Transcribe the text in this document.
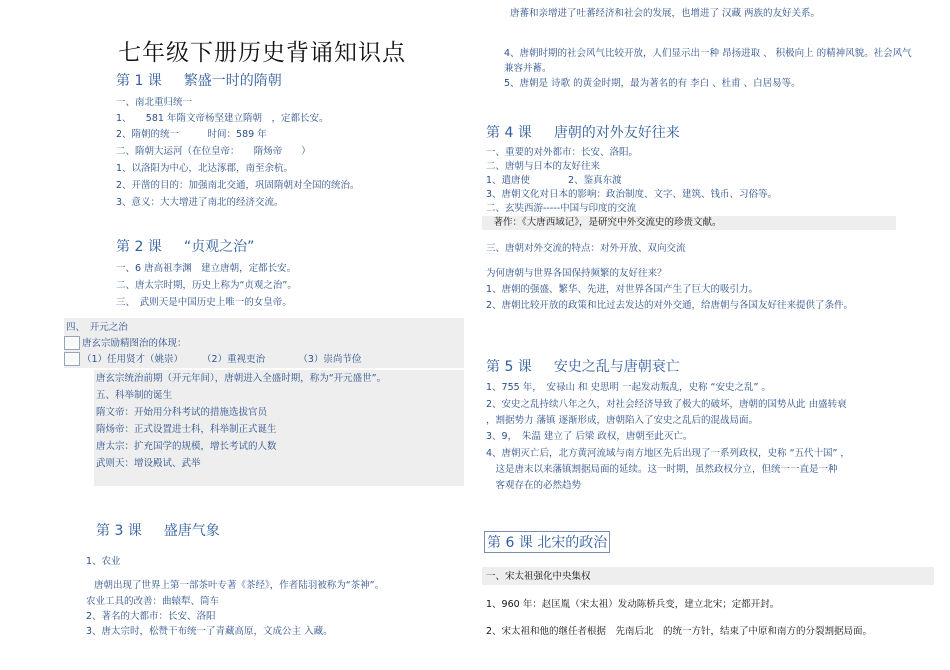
七年级下册历史背诵知识点
第 1 课 繁盛一时的隋朝
一、南北重归统一
1、　　581 年隋文帝杨坚建立隋朝　，定都长安。
2、隋朝的统一　　　时间：589 年
二、隋朝大运河（在位皇帝：　　隋炀帝　　）
1、以洛阳为中心，北达涿郡，南至余杭。
2、开凿的目的：加强南北交通，巩固隋朝对全国的统治。
3、意义：大大增进了南北的经济交流。
第 2 课 “贞观之治”
一、6 唐高祖李渊　建立唐朝，定都长安。
二、唐太宗时期，历史上称为“贞观之治”。
三、　武则天是中国历史上唯一的女皇帝。
四、　开元之治
唐玄宗励精图治的体现：
（1）任用贤才（姚崇）　　　（2）重视吏治　　　　（3）崇尚节俭
唐玄宗统治前期（开元年间），唐朝进入全盛时期，称为“开元盛世”。
五、科举制的诞生
隋文帝：开始用分科考试的措施选拔官员
隋炀帝：正式设置进士科，科举制正式诞生
唐太宗：扩充国学的规模，增长考试的人数
武则天：增设殿试、武举
第 3 课 盛唐气象
1、农业
唐朝出现了世界上第一部茶叶专著《茶经》，作者陆羽被称为“茶神”。
农业工具的改善：曲辕犁、筒车
2、著名的大都市：长安、洛阳
3、唐太宗时，松赞干布统一了青藏高原，文成公主 入藏。
唐蕃和亲增进了吐蕃经济和社会的发展，也增进了 汉藏 两族的友好关系。
4、唐朝时期的社会风气比较开放，人们显示出一种 昂扬进取 、 积极向上 的精神风貌。社会风气
兼容并蓄。
5、唐朝是 诗歌 的黄金时期，最为著名的有 李白 、杜甫 、白居易等。
第 4 课 唐朝的对外友好往来
一、重要的对外都市：长安、洛阳。
二、唐朝与日本的友好往来
1、遣唐使　　　　2、鉴真东渡
3、唐朝文化对日本的影响：政治制度、文字、建筑、钱币、习俗等。
二、玄奘西游-----中国与印度的交流
　著作：《大唐西域记》，是研究中外交流史的珍贵文献。
三、唐朝对外交流的特点：对外开放、双向交流
为何唐朝与世界各国保持频繁的友好往来？
1、唐朝的强盛、繁华、先进，对世界各国产生了巨大的吸引力。
2、唐朝比较开放的政策和比过去发达的对外交通，给唐朝与各国友好往来提供了条件。
第 5 课 安史之乱与唐朝衰亡
1、755 年，　安禄山 和 史思明 一起发动叛乱，史称 “安史之乱” 。
2、安史之乱持续八年之久，对社会经济导致了极大的破坏，唐朝的国势从此 由盛转衰
，割据势力 藩镇 逐渐形成，唐朝陷入了安史之乱后的混战局面。
3、9，　朱温 建立了 后梁 政权，唐朝至此灭亡。
4、唐朝灭亡后，北方黄河流域与南方地区先后出现了一系列政权，史称 “五代十国” ，
　这是唐末以来藩镇割据局面的延续。这一时期，虽然政权分立，但统一一直是一种
　客观存在的必然趋势
第 6 课 北宋的政治
一、宋太祖强化中央集权
1、960 年：赵匡胤（宋太祖）发动陈桥兵变，建立北宋；定都开封。
2、宋太祖和他的继任者根据　先南后北　的统一方针，结束了中原和南方的分裂割据局面。
